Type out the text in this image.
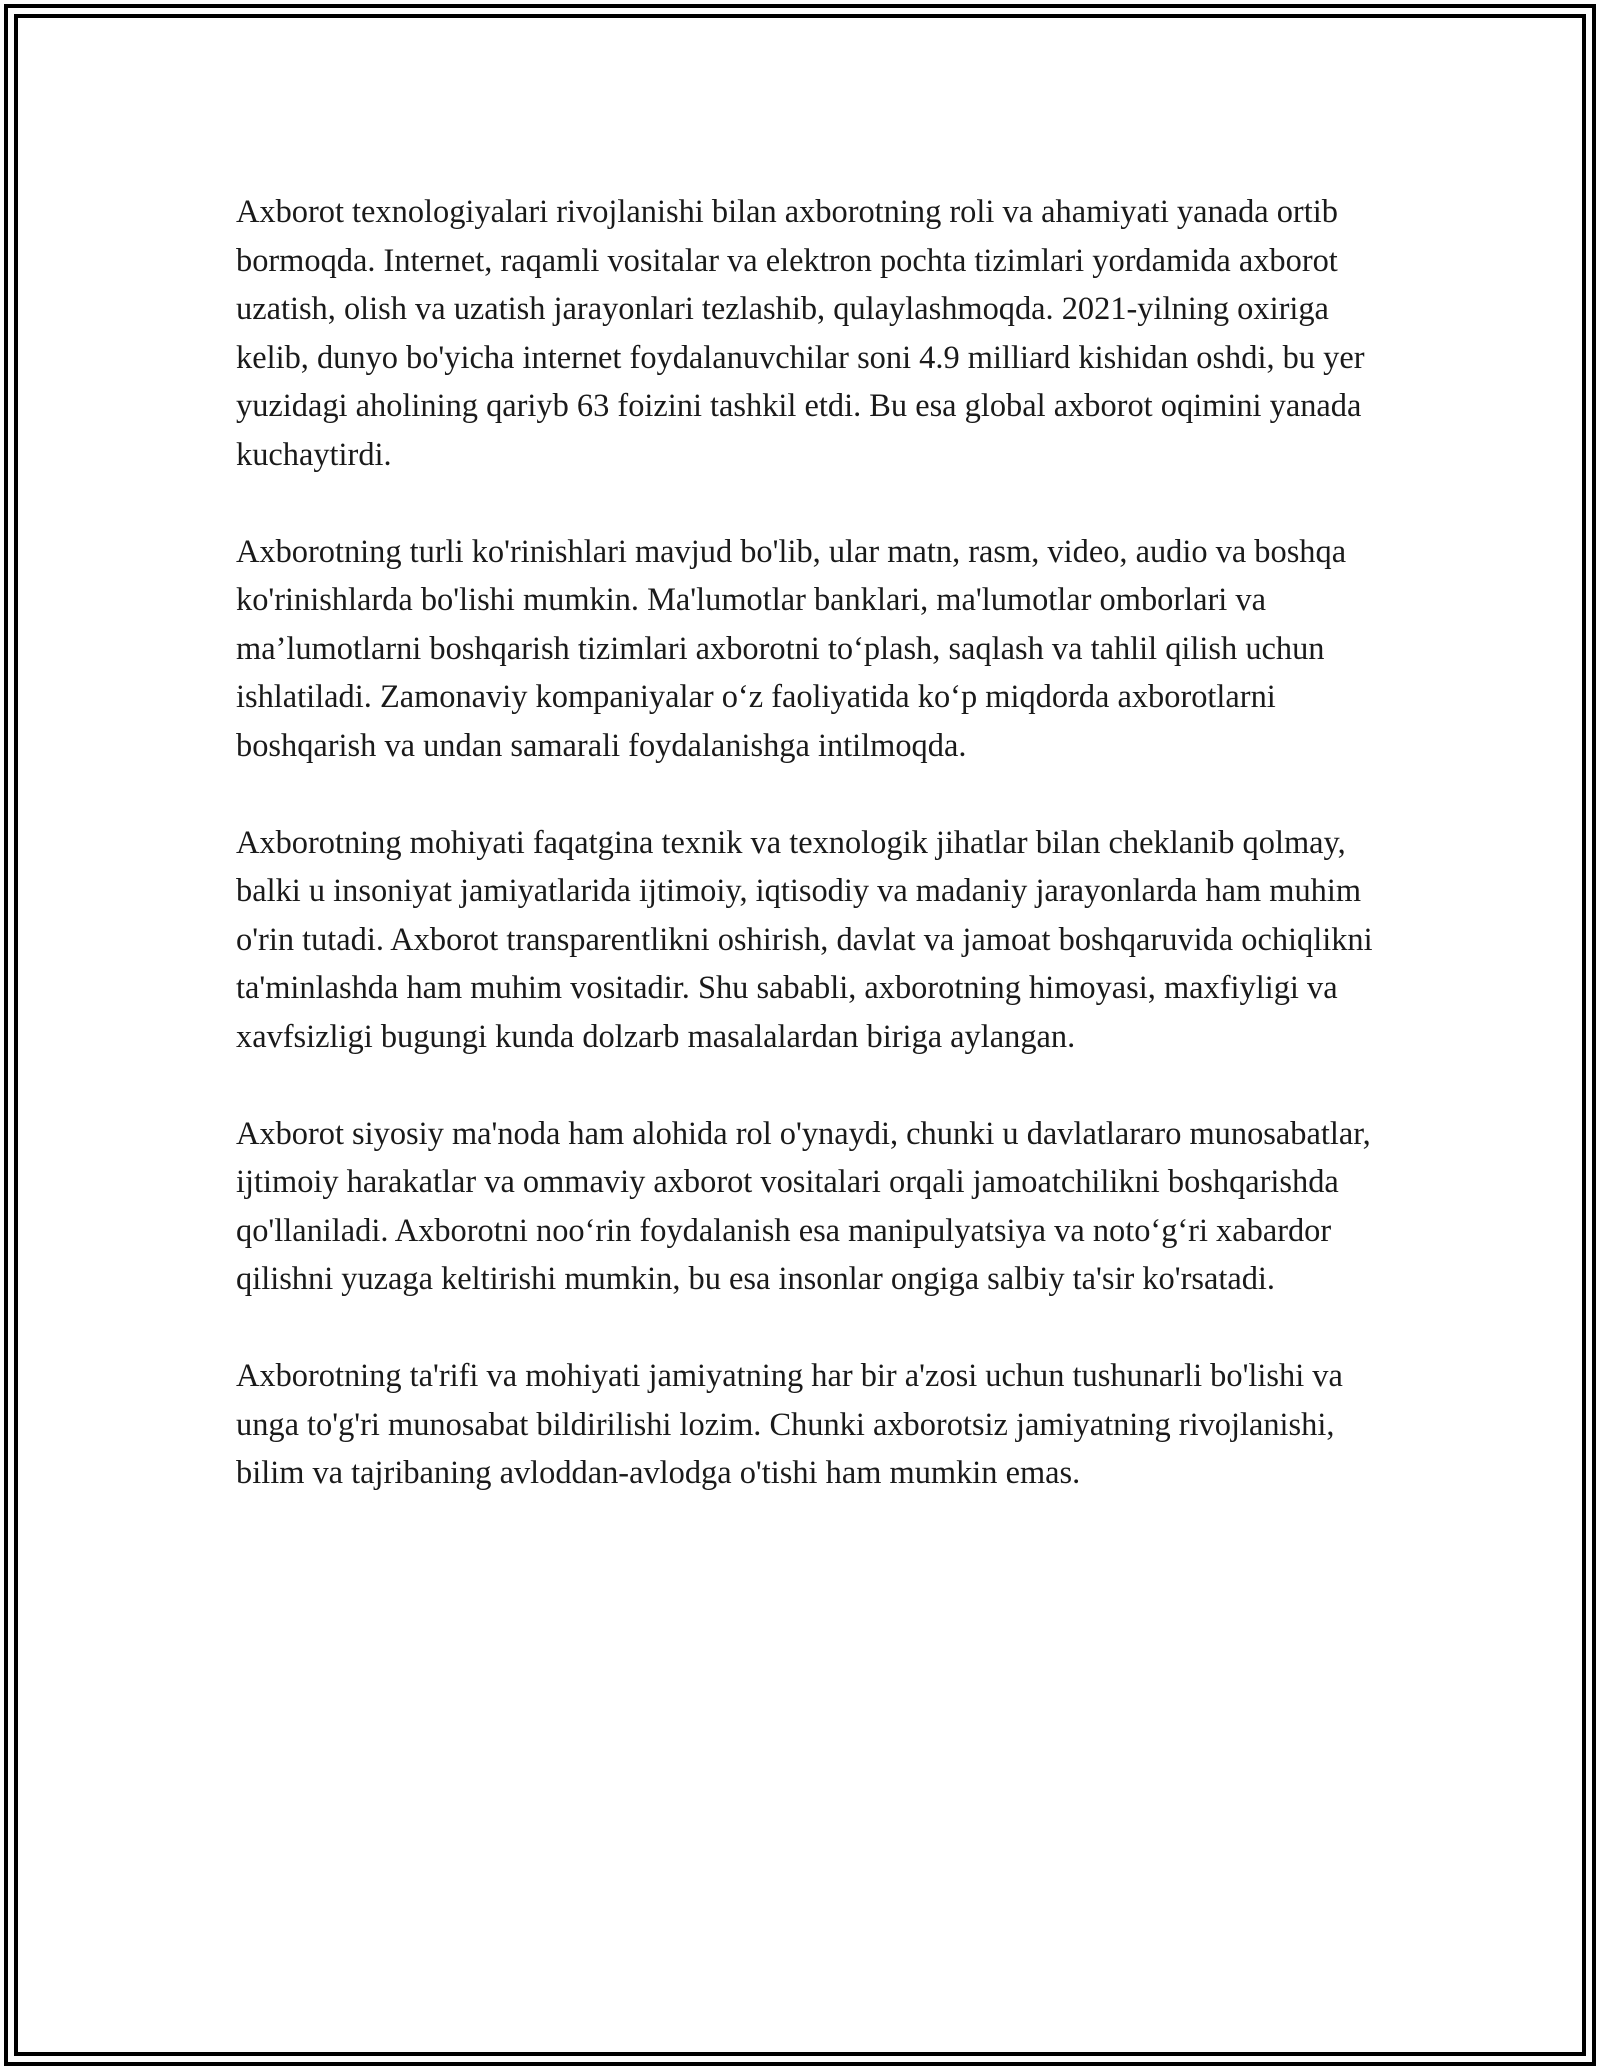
Axborot texnologiyalari rivojlanishi bilan axborotning roli va ahamiyati yanada ortib bormoqda. Internet, raqamli vositalar va elektron pochta tizimlari yordamida axborot uzatish, olish va uzatish jarayonlari tezlashib, qulaylashmoqda. 2021-yilning oxiriga kelib, dunyo bo'yicha internet foydalanuvchilar soni 4.9 milliard kishidan oshdi, bu yer yuzidagi aholining qariyb 63 foizini tashkil etdi. Bu esa global axborot oqimini yanada kuchaytirdi.

Axborotning turli ko'rinishlari mavjud bo'lib, ular matn, rasm, video, audio va boshqa ko'rinishlarda bo'lishi mumkin. Ma'lumotlar banklari, ma'lumotlar omborlari va ma’lumotlarni boshqarish tizimlari axborotni to‘plash, saqlash va tahlil qilish uchun ishlatiladi. Zamonaviy kompaniyalar o‘z faoliyatida ko‘p miqdorda axborotlarni boshqarish va undan samarali foydalanishga intilmoqda.

Axborotning mohiyati faqatgina texnik va texnologik jihatlar bilan cheklanib qolmay, balki u insoniyat jamiyatlarida ijtimoiy, iqtisodiy va madaniy jarayonlarda ham muhim o'rin tutadi. Axborot transparentlikni oshirish, davlat va jamoat boshqaruvida ochiqlikni ta'minlashda ham muhim vositadir. Shu sababli, axborotning himoyasi, maxfiyligi va xavfsizligi bugungi kunda dolzarb masalalardan biriga aylangan.

Axborot siyosiy ma'noda ham alohida rol o'ynaydi, chunki u davlatlararo munosabatlar, ijtimoiy harakatlar va ommaviy axborot vositalari orqali jamoatchilikni boshqarishda qo'llaniladi. Axborotni noo‘rin foydalanish esa manipulyatsiya va noto‘g‘ri xabardor qilishni yuzaga keltirishi mumkin, bu esa insonlar ongiga salbiy ta'sir ko'rsatadi.

Axborotning ta'rifi va mohiyati jamiyatning har bir a'zosi uchun tushunarli bo'lishi va unga to'g'ri munosabat bildirilishi lozim. Chunki axborotsiz jamiyatning rivojlanishi, bilim va tajribaning avloddan-avlodga o'tishi ham mumkin emas.
